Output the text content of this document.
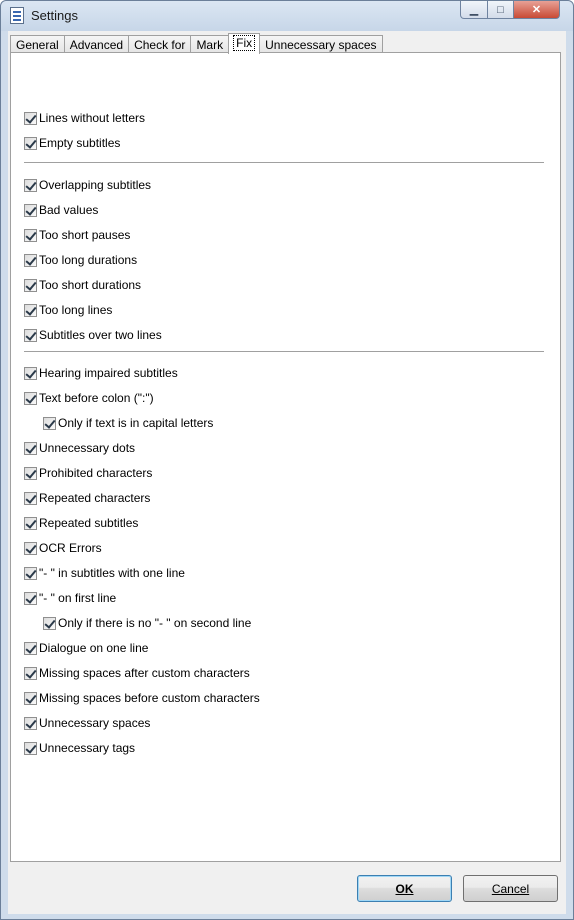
Settings	▁ □	✕
General Advanced Check for Mark	Fix	Unnecessary spaces
Lines without letters
Empty subtitles
Overlapping subtitles
Bad values
Too short pauses
Too long durations
Too short durations
Too long lines
Subtitles over two lines
Hearing impaired subtitles
Text before colon (":")
Only if text is in capital letters
Unnecessary dots
Prohibited characters
Repeated characters
Repeated subtitles
OCR Errors
"- " in subtitles with one line
"- " on first line
Only if there is no "- " on second line
Dialogue on one line
Missing spaces after custom characters
Missing spaces before custom characters
Unnecessary spaces
Unnecessary tags
OK	Cancel
